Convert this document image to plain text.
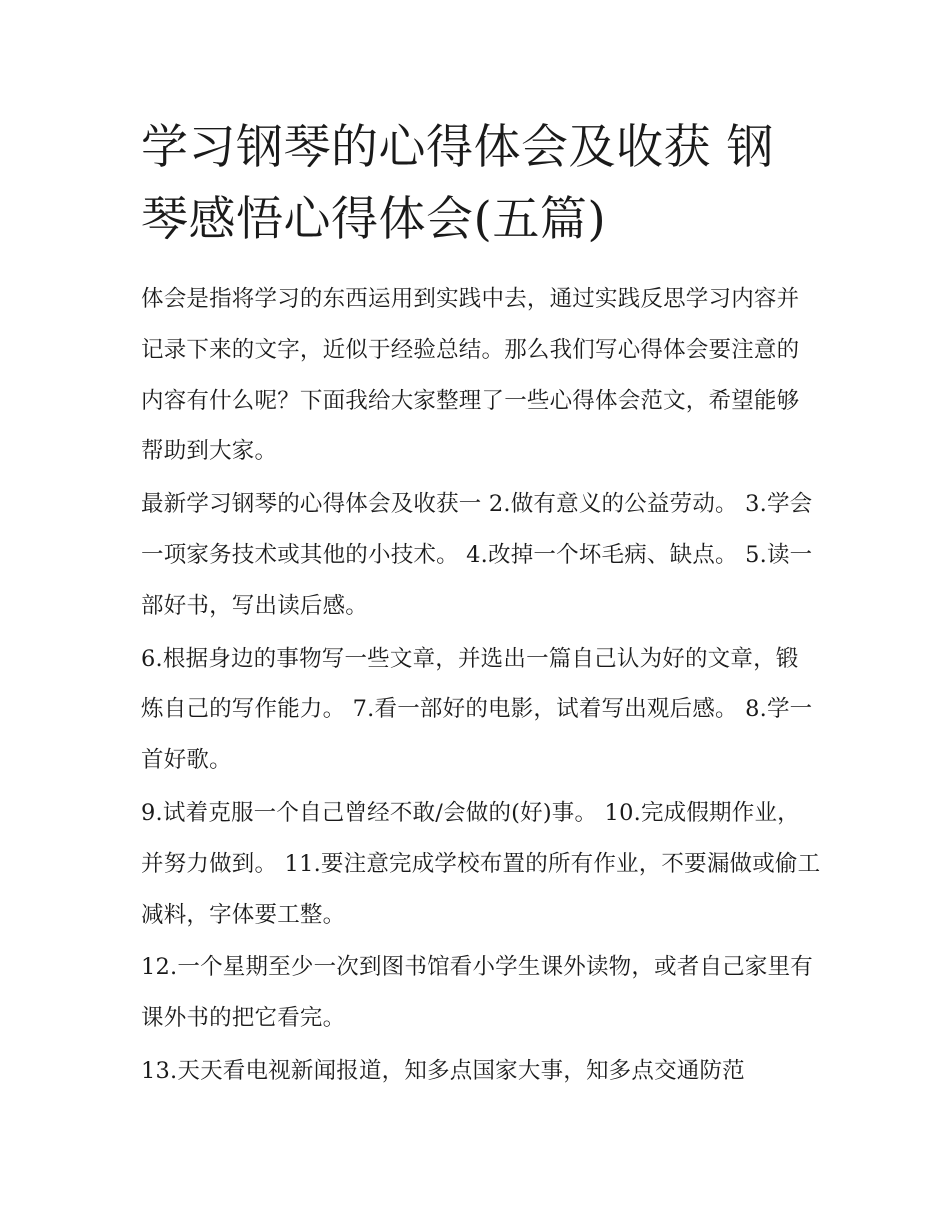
学习钢琴的心得体会及收获 钢琴感悟心得体会(五篇)

体会是指将学习的东西运用到实践中去，通过实践反思学习内容并记录下来的文字，近似于经验总结。那么我们写心得体会要注意的内容有什么呢？下面我给大家整理了一些心得体会范文，希望能够帮助到大家。

最新学习钢琴的心得体会及收获一 2.做有意义的公益劳动。 3.学会一项家务技术或其他的小技术。 4.改掉一个坏毛病、缺点。 5.读一部好书，写出读后感。

6.根据身边的事物写一些文章，并选出一篇自己认为好的文章，锻炼自己的写作能力。 7.看一部好的电影，试着写出观后感。 8.学一首好歌。

9.试着克服一个自己曾经不敢/会做的(好)事。 10.完成假期作业，并努力做到。 11.要注意完成学校布置的所有作业，不要漏做或偷工减料，字体要工整。

12.一个星期至少一次到图书馆看小学生课外读物，或者自己家里有课外书的把它看完。

13.天天看电视新闻报道，知多点国家大事，知多点交通防范
